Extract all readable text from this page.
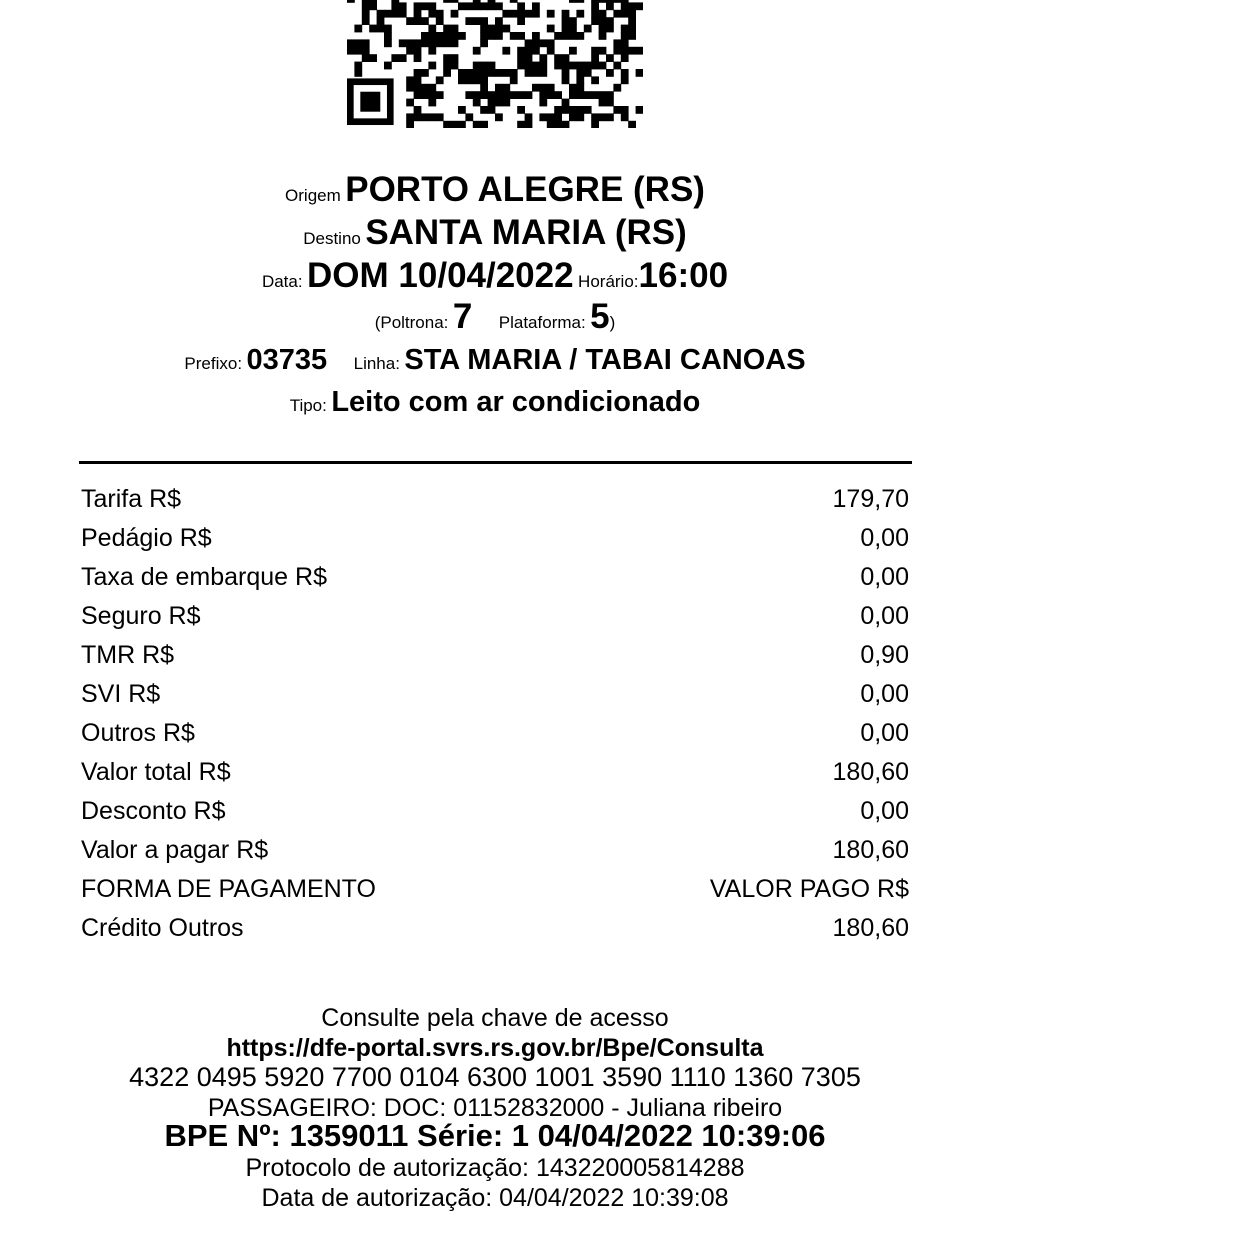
Origem PORTO ALEGRE (RS)
Destino SANTA MARIA (RS)
Data: DOM 10/04/2022 Horário:16:00
(Poltrona: 7 Plataforma: 5)
Prefixo: 03735 Linha: STA MARIA / TABAI CANOAS
Tipo: Leito com ar condicionado
Tarifa R$	179,70
Pedágio R$	0,00
Taxa de embarque R$	0,00
Seguro R$	0,00
TMR R$	0,90
SVI R$	0,00
Outros R$	0,00
Valor total R$	180,60
Desconto R$	0,00
Valor a pagar R$	180,60
FORMA DE PAGAMENTO	VALOR PAGO R$
Crédito Outros	180,60
Consulte pela chave de acesso
https://dfe-portal.svrs.rs.gov.br/Bpe/Consulta
4322 0495 5920 7700 0104 6300 1001 3590 1110 1360 7305
PASSAGEIRO: DOC: 01152832000 - Juliana ribeiro
BPE Nº: 1359011 Série: 1 04/04/2022 10:39:06
Protocolo de autorização: 143220005814288
Data de autorização: 04/04/2022 10:39:08
